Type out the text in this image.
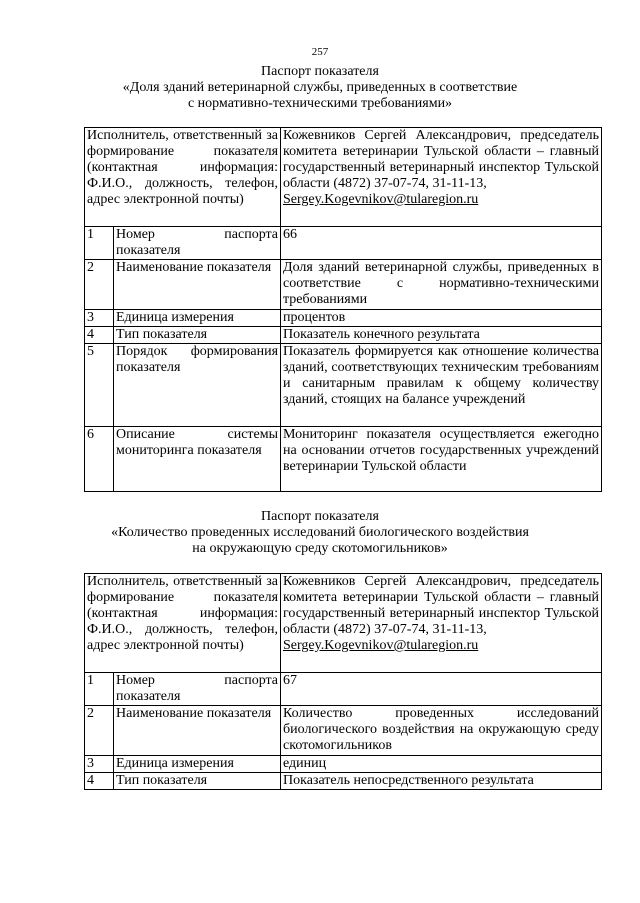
257
Паспорт показателя
«Доля зданий ветеринарной службы, приведенных в соответствие
с нормативно-техническими требованиями»
Исполнитель, ответственный за формирование показателя (контактная информация: Ф.И.О., должность, телефон, адрес электронной почты)		Кожевников Сергей Александрович, председатель комитета ветеринарии Тульской области – главный государственный ветеринарный инспектор Тульской области (4872) 37-07-74, 31-11-13,
Sergey.Kogevnikov@tularegion.ru

1	Номер паспорта показателя	66
2	Наименование показателя	Доля зданий ветеринарной службы, приведенных в соответствие с нормативно-техническими требованиями
3	Единица измерения	процентов
4	Тип показателя	Показатель конечного результата
5	Порядок формирования показателя	Показатель формируется как отношение количества зданий, соответствующих техническим требованиям и санитарным правилам к общему количеству зданий, стоящих на балансе учреждений
6	Описание системы мониторинга показателя	Мониторинг показателя осуществляется ежегодно на основании отчетов государственных учреждений ветеринарии Тульской области
Паспорт показателя
«Количество проведенных исследований биологического воздействия
на окружающую среду скотомогильников»
Исполнитель, ответственный за формирование показателя (контактная информация: Ф.И.О., должность, телефон, адрес электронной почты)		Кожевников Сергей Александрович, председатель комитета ветеринарии Тульской области – главный государственный ветеринарный инспектор Тульской области (4872) 37-07-74, 31-11-13,
Sergey.Kogevnikov@tularegion.ru

1	Номер паспорта показателя	67
2	Наименование показателя	Количество проведенных исследований биологического воздействия на окружающую среду скотомогильников
3	Единица измерения	единиц
4	Тип показателя	Показатель непосредственного результата
